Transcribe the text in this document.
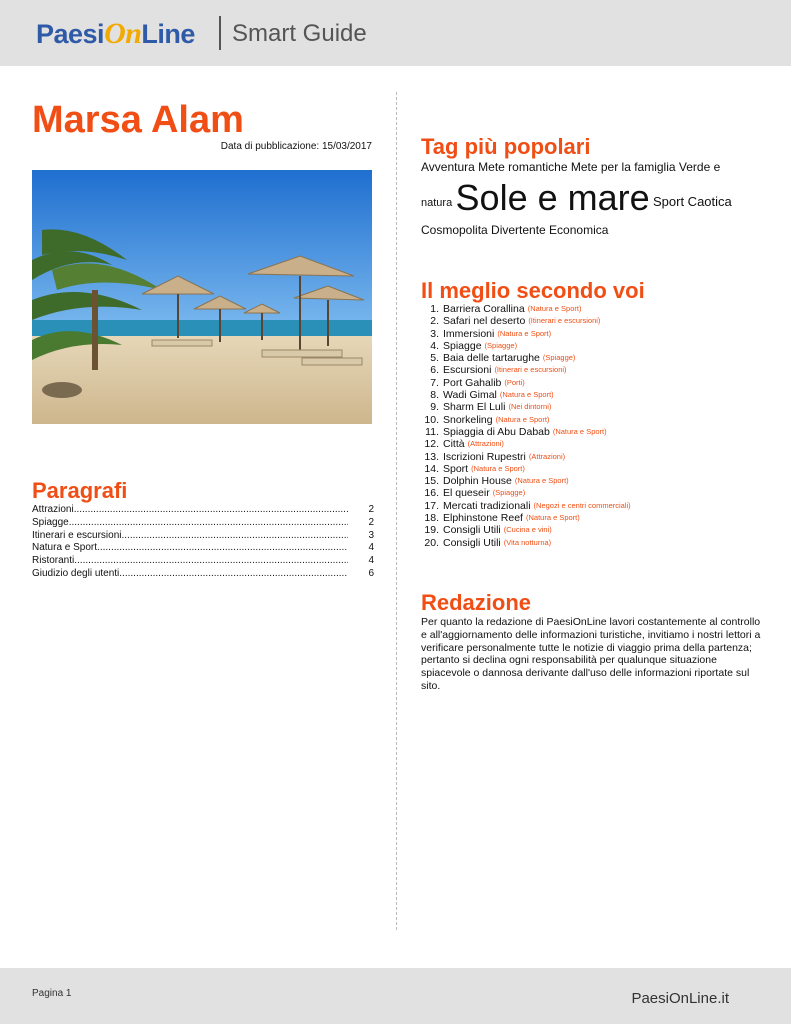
PaesiOnLine Smart Guide
Marsa Alam
Data di pubblicazione: 15/03/2017
Paragrafi
Attrazioni .....	2
Spiagge .....	2
Itinerari e escursioni .....	3
Natura e Sport .....	4
Ristoranti .....	4
Giudizio degli utenti .....	6
Tag più popolari
Avventura Mete romantiche Mete per la famiglia Verde e
natura Sole e mare Sport Caotica
Cosmopolita Divertente Economica
Il meglio secondo voi
1. Barriera Corallina (Natura e Sport)
2. Safari nel deserto (Itinerari e escursioni)
3. Immersioni (Natura e Sport)
4. Spiagge (Spiagge)
5. Baia delle tartarughe (Spiagge)
6. Escursioni (Itinerari e escursioni)
7. Port Gahalib (Porti)
8. Wadi Gimal (Natura e Sport)
9. Sharm El Luli (Nei dintorni)
10. Snorkeling (Natura e Sport)
11. Spiaggia di Abu Dabab (Natura e Sport)
12. Città (Attrazioni)
13. Iscrizioni Rupestri (Attrazioni)
14. Sport (Natura e Sport)
15. Dolphin House (Natura e Sport)
16. El queseir (Spiagge)
17. Mercati tradizionali (Negozi e centri commerciali)
18. Elphinstone Reef (Natura e Sport)
19. Consigli Utili (Cucina e vini)
20. Consigli Utili (Vita notturna)
Redazione
Per quanto la redazione di PaesiOnLine lavori costantemente al controllo e all'aggiornamento delle informazioni turistiche, invitiamo i nostri lettori a verificare personalmente tutte le notizie di viaggio prima della partenza; pertanto si declina ogni responsabilità per qualunque situazione spiacevole o dannosa derivante dall'uso delle informazioni riportate sul sito.
Pagina 1	PaesiOnLine.it
